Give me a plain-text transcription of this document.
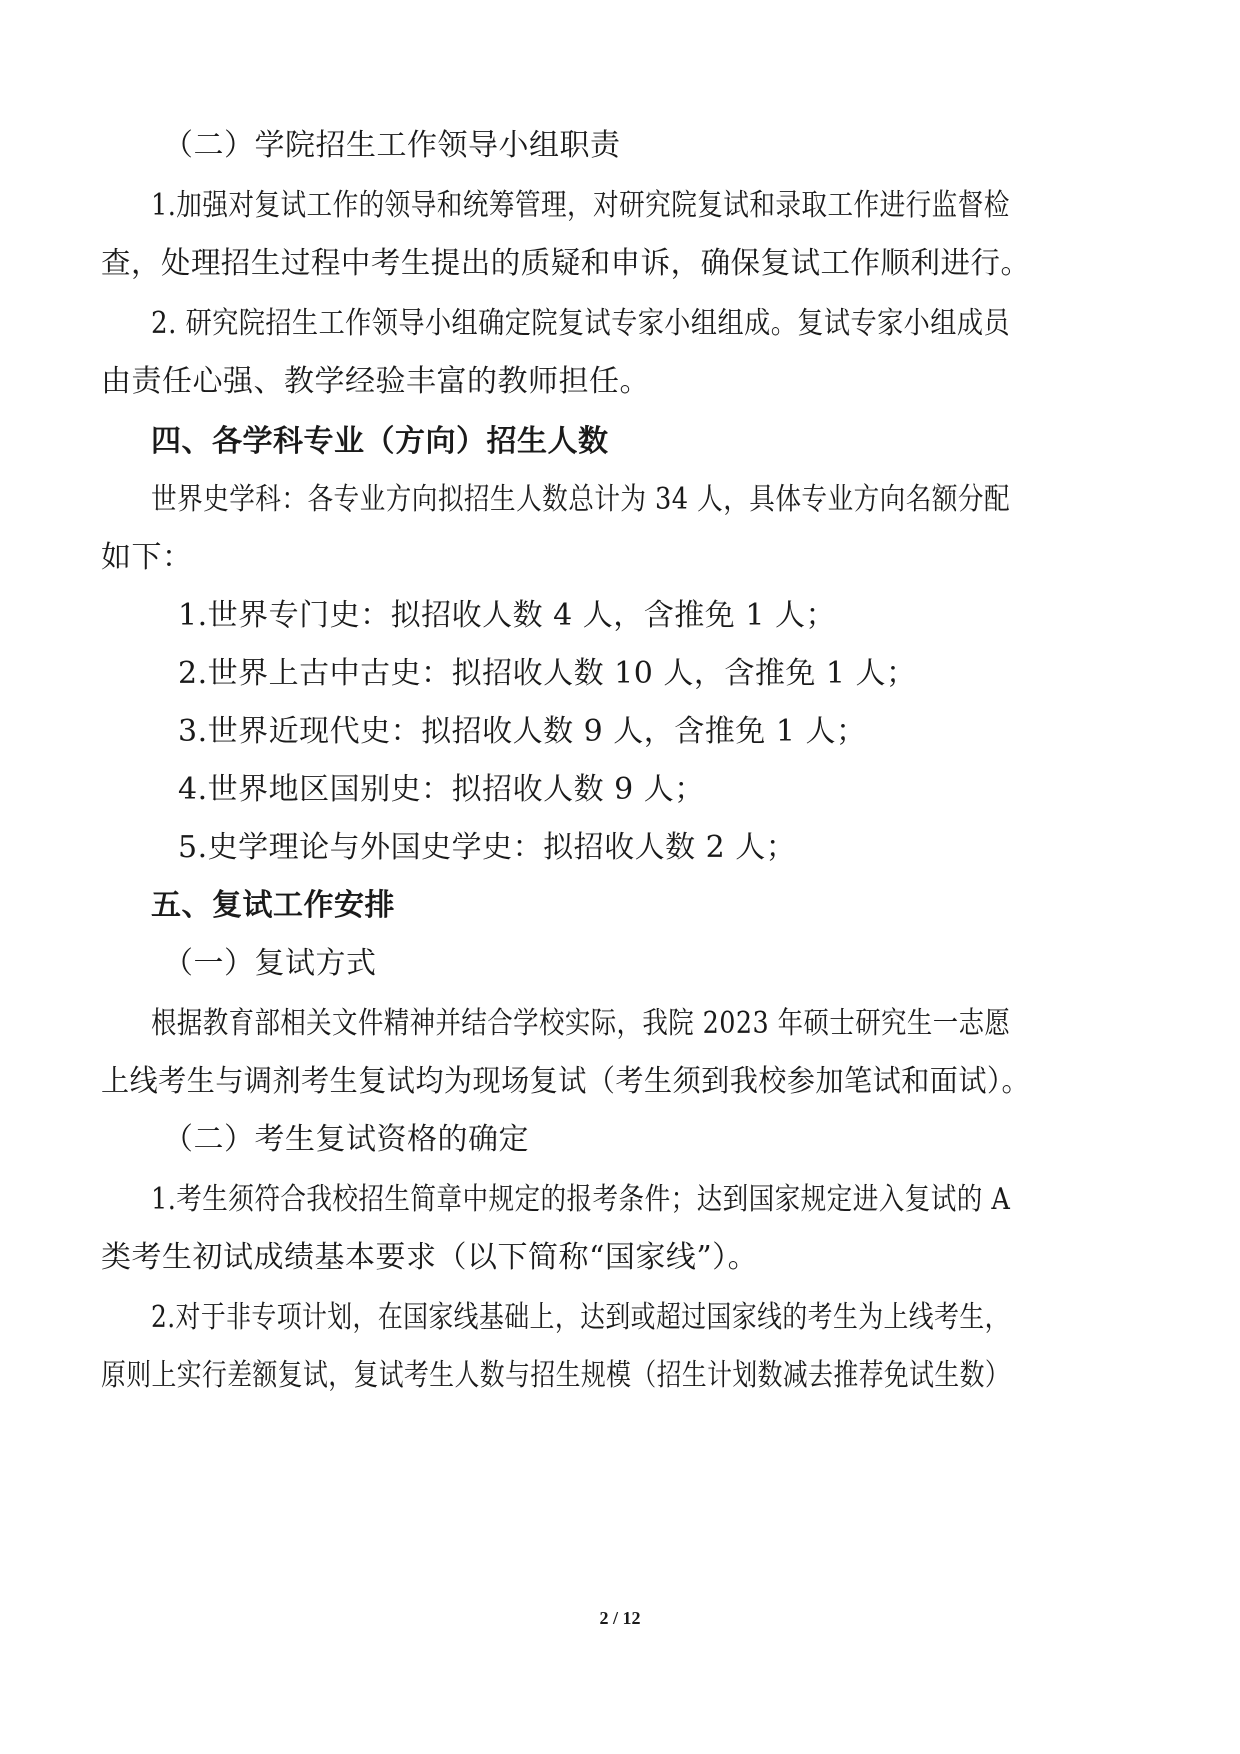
（二）学院招生工作领导小组职责
1.加强对复试工作的领导和统筹管理，对研究院复试和录取工作进行监督检
查，处理招生过程中考生提出的质疑和申诉，确保复试工作顺利进行。
2. 研究院招生工作领导小组确定院复试专家小组组成。复试专家小组成员
由责任心强、教学经验丰富的教师担任。
四、各学科专业（方向）招生人数
世界史学科：各专业方向拟招生人数总计为 34 人，具体专业方向名额分配
如下：
1.世界专门史：拟招收人数 4 人，含推免 1 人；
2.世界上古中古史：拟招收人数 10 人，含推免 1 人；
3.世界近现代史：拟招收人数 9 人，含推免 1 人；
4.世界地区国别史：拟招收人数 9 人；
5.史学理论与外国史学史：拟招收人数 2 人；
五、复试工作安排
（一）复试方式
根据教育部相关文件精神并结合学校实际，我院 2023 年硕士研究生一志愿
上线考生与调剂考生复试均为现场复试（考生须到我校参加笔试和面试）。
（二）考生复试资格的确定
1.考生须符合我校招生简章中规定的报考条件；达到国家规定进入复试的 A
类考生初试成绩基本要求（以下简称“国家线”）。
2.对于非专项计划，在国家线基础上，达到或超过国家线的考生为上线考生，
原则上实行差额复试，复试考生人数与招生规模（招生计划数减去推荐免试生数）
2 / 12
